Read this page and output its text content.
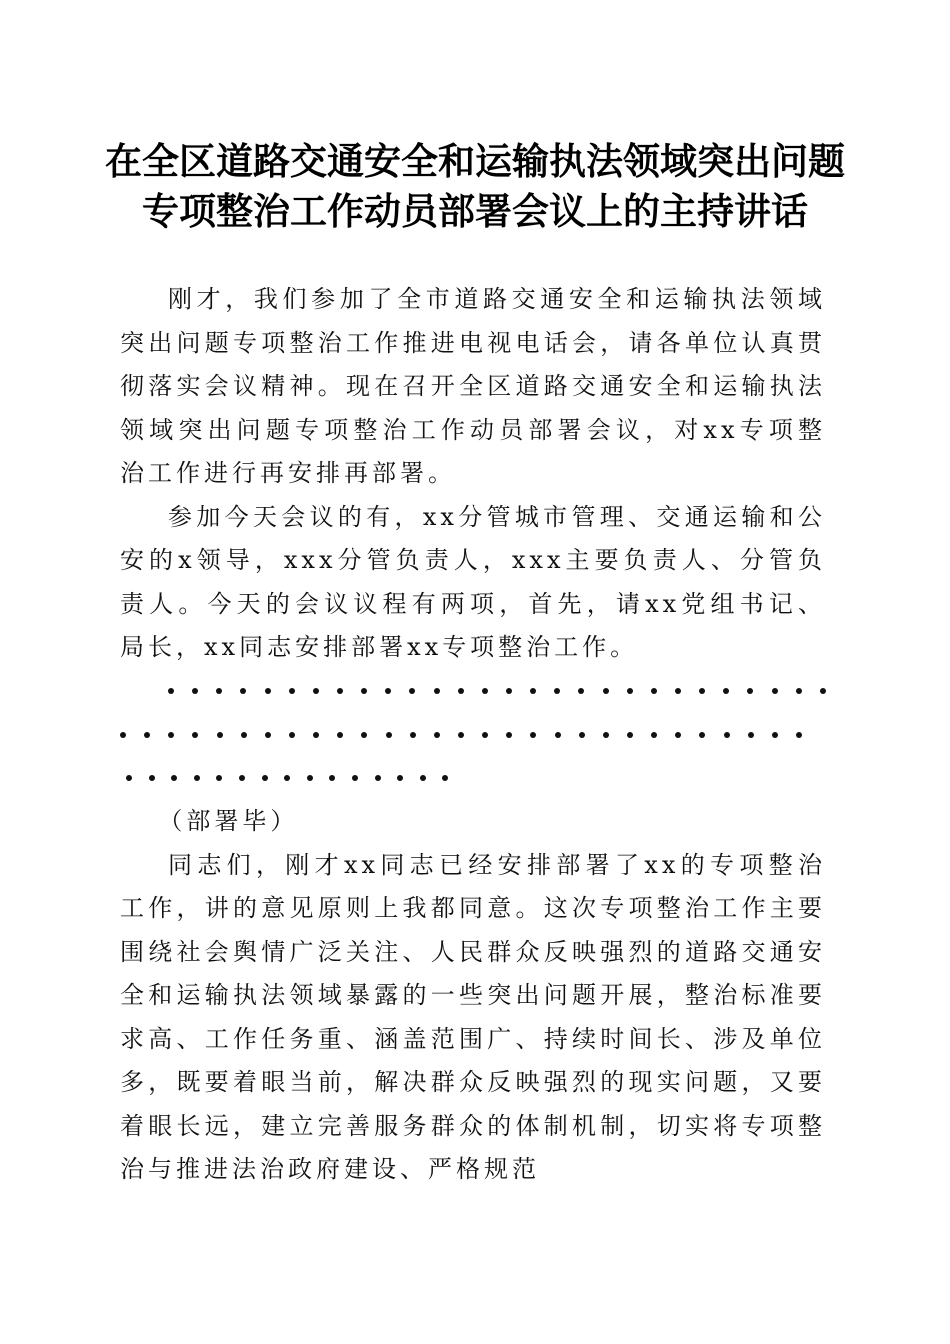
在全区道路交通安全和运输执法领域突出问题
专项整治工作动员部署会议上的主持讲话

刚才，我们参加了全市道路交通安全和运输执法领域突出问题专项整治工作推进电视电话会，请各单位认真贯彻落实会议精神。现在召开全区道路交通安全和运输执法领域突出问题专项整治工作动员部署会议，对xx专项整治工作进行再安排再部署。

参加今天会议的有，xx分管城市管理、交通运输和公安的x领导，xxx分管负责人，xxx主要负责人、分管负责人。今天的会议议程有两项，首先，请xx党组书记、局长，xx同志安排部署xx专项整治工作。

（部署毕）

同志们，刚才xx同志已经安排部署了xx的专项整治工作，讲的意见原则上我都同意。这次专项整治工作主要围绕社会舆情广泛关注、人民群众反映强烈的道路交通安全和运输执法领域暴露的一些突出问题开展，整治标准要求高、工作任务重、涵盖范围广、持续时间长、涉及单位多，既要着眼当前，解决群众反映强烈的现实问题，又要着眼长远，建立完善服务群众的体制机制，切实将专项整治与推进法治政府建设、严格规范
